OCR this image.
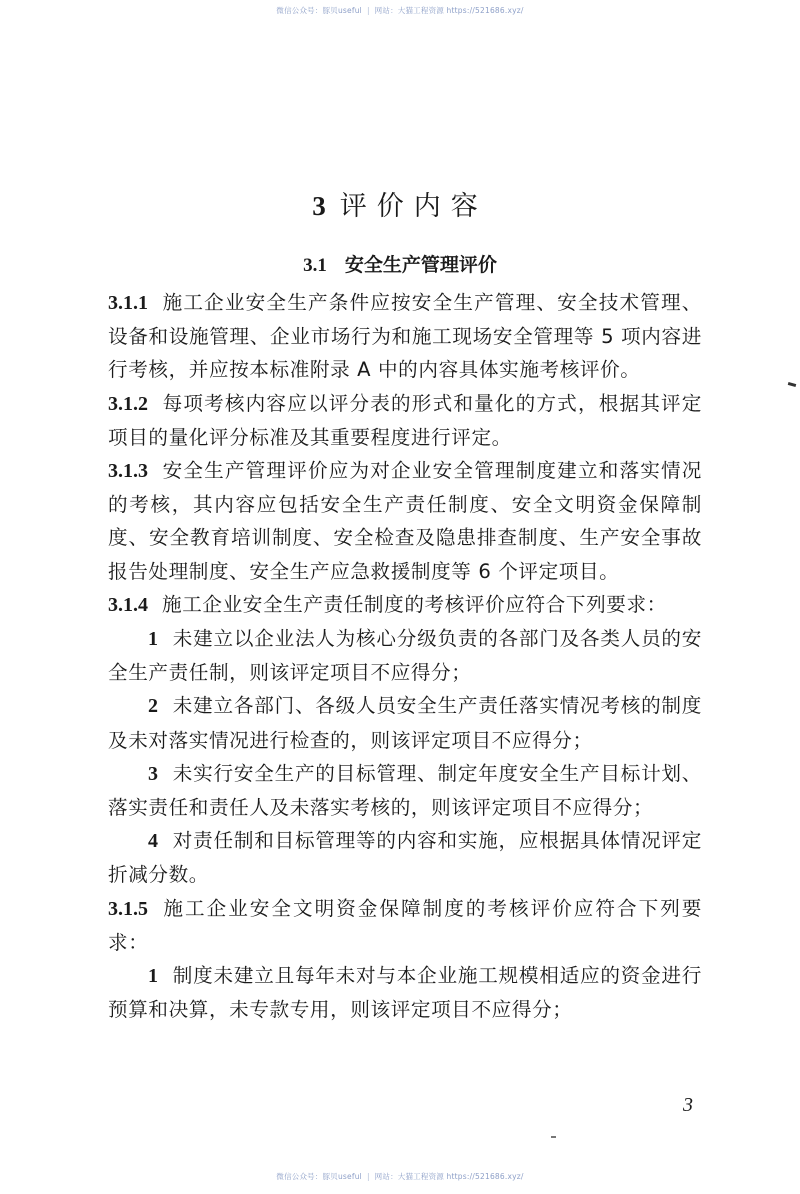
微信公众号：豚贝useful | 网站：大猫工程资源 https://521686.xyz/
3 评价内容
3.1 安全生产管理评价

3.1.1 施工企业安全生产条件应按安全生产管理、安全技术管理、设备和设施管理、企业市场行为和施工现场安全管理等 5 项内容进行考核，并应按本标准附录 A 中的内容具体实施考核评价。

3.1.2 每项考核内容应以评分表的形式和量化的方式，根据其评定项目的量化评分标准及其重要程度进行评定。

3.1.3 安全生产管理评价应为对企业安全管理制度建立和落实情况的考核，其内容应包括安全生产责任制度、安全文明资金保障制度、安全教育培训制度、安全检查及隐患排查制度、生产安全事故报告处理制度、安全生产应急救援制度等 6 个评定项目。

3.1.4 施工企业安全生产责任制度的考核评价应符合下列要求：

1 未建立以企业法人为核心分级负责的各部门及各类人员的安全生产责任制，则该评定项目不应得分；

2 未建立各部门、各级人员安全生产责任落实情况考核的制度及未对落实情况进行检查的，则该评定项目不应得分；

3 未实行安全生产的目标管理、制定年度安全生产目标计划、落实责任和责任人及未落实考核的，则该评定项目不应得分；

4 对责任制和目标管理等的内容和实施，应根据具体情况评定折减分数。

3.1.5 施工企业安全文明资金保障制度的考核评价应符合下列要求：

1 制度未建立且每年未对与本企业施工规模相适应的资金进行预算和决算，未专款专用，则该评定项目不应得分；

3
微信公众号：豚贝useful | 网站：大猫工程资源 https://521686.xyz/
